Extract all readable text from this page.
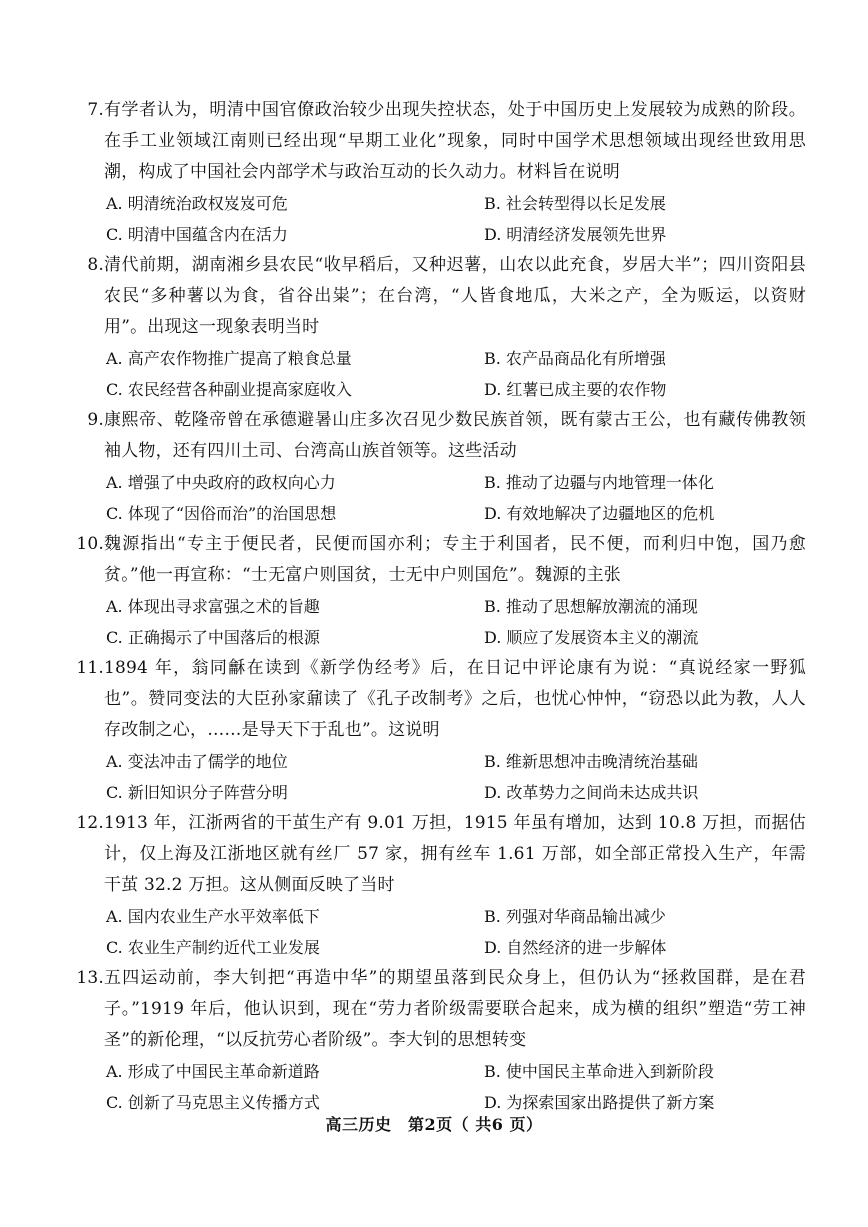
7. 有学者认为，明清中国官僚政治较少出现失控状态，处于中国历史上发展较为成熟的阶段。在手工业领域江南则已经出现“早期工业化”现象，同时中国学术思想领域出现经世致用思潮，构成了中国社会内部学术与政治互动的长久动力。材料旨在说明
A. 明清统治政权岌岌可危	B. 社会转型得以长足发展
C. 明清中国蕴含内在活力	D. 明清经济发展领先世界
8. 清代前期，湖南湘乡县农民“收早稻后，又种迟薯，山农以此充食，岁居大半”；四川资阳县农民“多种薯以为食，省谷出粜”；在台湾，“人皆食地瓜，大米之产，全为贩运，以资财用”。出现这一现象表明当时
A. 高产农作物推广提高了粮食总量	B. 农产品商品化有所增强
C. 农民经营各种副业提高家庭收入	D. 红薯已成主要的农作物
9. 康熙帝、乾隆帝曾在承德避暑山庄多次召见少数民族首领，既有蒙古王公，也有藏传佛教领袖人物，还有四川土司、台湾高山族首领等。这些活动
A. 增强了中央政府的政权向心力	B. 推动了边疆与内地管理一体化
C. 体现了“因俗而治”的治国思想	D. 有效地解决了边疆地区的危机
10. 魏源指出“专主于便民者，民便而国亦利；专主于利国者，民不便，而利归中饱，国乃愈贫。”他一再宣称：“士无富户则国贫，士无中户则国危”。魏源的主张
A. 体现出寻求富强之术的旨趣	B. 推动了思想解放潮流的涌现
C. 正确揭示了中国落后的根源	D. 顺应了发展资本主义的潮流
11. 1894 年，翁同龢在读到《新学伪经考》后，在日记中评论康有为说：“真说经家一野狐也”。赞同变法的大臣孙家鼐读了《孔子改制考》之后，也忧心忡忡，“窃恐以此为教，人人存改制之心，……是导天下于乱也”。这说明
A. 变法冲击了儒学的地位	B. 维新思想冲击晚清统治基础
C. 新旧知识分子阵营分明	D. 改革势力之间尚未达成共识
12. 1913 年，江浙两省的干茧生产有 9.01 万担，1915 年虽有增加，达到 10.8 万担，而据估计，仅上海及江浙地区就有丝厂 57 家，拥有丝车 1.61 万部，如全部正常投入生产，年需干茧 32.2 万担。这从侧面反映了当时
A. 国内农业生产水平效率低下	B. 列强对华商品输出减少
C. 农业生产制约近代工业发展	D. 自然经济的进一步解体
13. 五四运动前，李大钊把“再造中华”的期望虽落到民众身上，但仍认为“拯救国群，是在君子。”1919 年后，他认识到，现在“劳力者阶级需要联合起来，成为横的组织”塑造“劳工神圣”的新伦理，“以反抗劳心者阶级”。李大钊的思想转变
A. 形成了中国民主革命新道路	B. 使中国民主革命进入到新阶段
C. 创新了马克思主义传播方式	D. 为探索国家出路提供了新方案
高三历史　第2页（ 共6 页）
